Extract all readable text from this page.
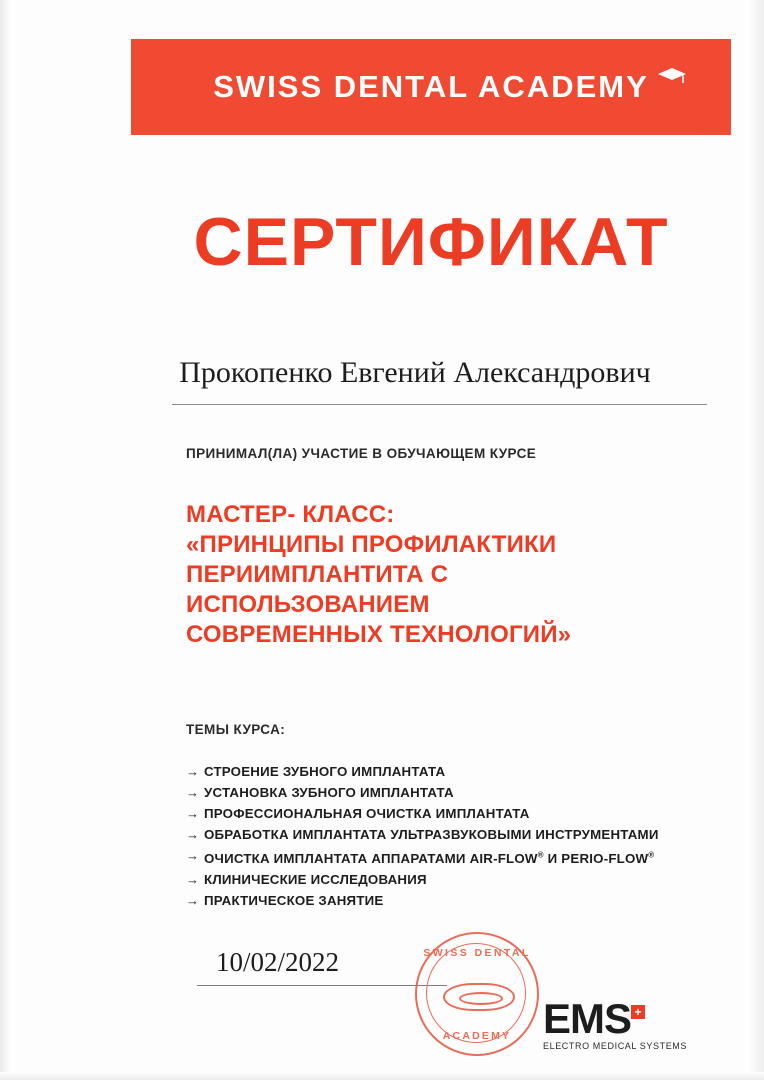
SWISS DENTAL ACADEMY
СЕРТИФИКАТ
Прокопенко Евгений Александрович
ПРИНИМАЛ(ЛА) УЧАСТИЕ В ОБУЧАЮЩЕМ КУРСЕ
МАСТЕР- КЛАСС:
«ПРИНЦИПЫ ПРОФИЛАКТИКИ
ПЕРИИМПЛАНТИТА С
ИСПОЛЬЗОВАНИЕМ
СОВРЕМЕННЫХ ТЕХНОЛОГИЙ»
ТЕМЫ КУРСА:
→ СТРОЕНИЕ ЗУБНОГО ИМПЛАНТАТА
→ УСТАНОВКА ЗУБНОГО ИМПЛАНТАТА
→ ПРОФЕССИОНАЛЬНАЯ ОЧИСТКА ИМПЛАНТАТА
→ ОБРАБОТКА ИМПЛАНТАТА УЛЬТРАЗВУКОВЫМИ ИНСТРУМЕНТАМИ
→ ОЧИСТКА ИМПЛАНТАТА АППАРАТАМИ AIR-FLOW® И PERIO-FLOW®
→ КЛИНИЧЕСКИЕ ИССЛЕДОВАНИЯ
→ ПРАКТИЧЕСКОЕ ЗАНЯТИЕ
10/02/2022	SWISS DENTAL
ACADEMY EMS +
ELECTRO MEDICAL SYSTEMS
